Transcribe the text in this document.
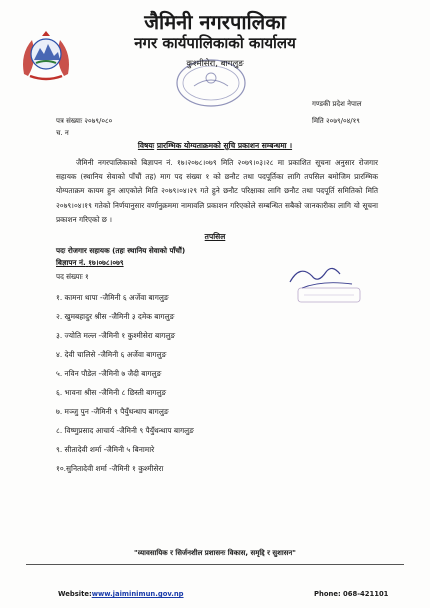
जैमिनी नगरपालिका
नगर कार्यपालिकाको कार्यालय
कुश्मीसेरा, बागलुङ
गण्डकी प्रदेश नेपाल
पत्र संख्याः २०७९/०८०	मिति २०७९/०४/१९
च. न
विषयः प्रारम्भिक योग्यताक्रमको सुचि प्रकाशन सम्बन्धमा ।

जैमिनी नगरपालिकाको बिज्ञापन नं. १७।२०७८।०७९ मिति २०७९।०३।२८ मा प्रकाशित सूचना अनुसार रोजगार सहायक (स्थानिय सेवाको पाँचौं तह) माग पद संख्या १ को छनौट तथा पदपूर्तिका लागि तपसिल बमोजिम प्रारम्भिक योग्यताक्रम कायम हुन आएकोले मिति २०७९।०४।२९ गते हुने छनौट परिक्षाका लागि छनौट तथा पदपूर्ति समितिको मिति २०७९।०४।१९ गतेको निर्णयानुसार वर्णानुक्रममा नामावलि प्रकाशन गरिएकोले सम्बन्धित सबैको जानकारीका लागि यो सूचना प्रकाशन गरिएको छ ।

तपसिल
पदः रोजगार सहायक (तहः स्थानिय सेवाको पाँचौं)
बिज्ञापन नं. १७।०७८।०७९
पद संख्याः १
१. कामना थापा -जैमिनी ६ अर्जेवा बागलुङ
२. खुमबहादुर श्रीस -जैमिनी ३ दमेक बागलुङ
३. ज्योति मल्ल -जैमिनी १ कुश्मीसेरा बागलुङ
४. देवी चालिसे -जैमिनी ६ अर्जेवा बागलुङ
५. नविन पौडेल -जैमिनी ७ जैदी बागलुङ
६. भावना श्रीस -जैमिनी ८ छिस्ती बागलुङ
७. मञ्जु पुन -जैमिनी ९ पैयुँथन्थाप बागलुङ
८. विष्णुप्रसाद आचार्य -जैमिनी ९ पैयुँथन्थाप बागलुङ
९. सीतादेवी शर्मा -जैमिनी ५ बिनामारे
१०.सुनितादेवी शर्मा -जैमिनी १ कुश्मीसेरा
"व्यावसायिक र सिर्जनशील प्रशासनः विकास, समृद्दि र सुशासन"
Website:www.jaiminimun.gov.np	Phone: 068-421101
